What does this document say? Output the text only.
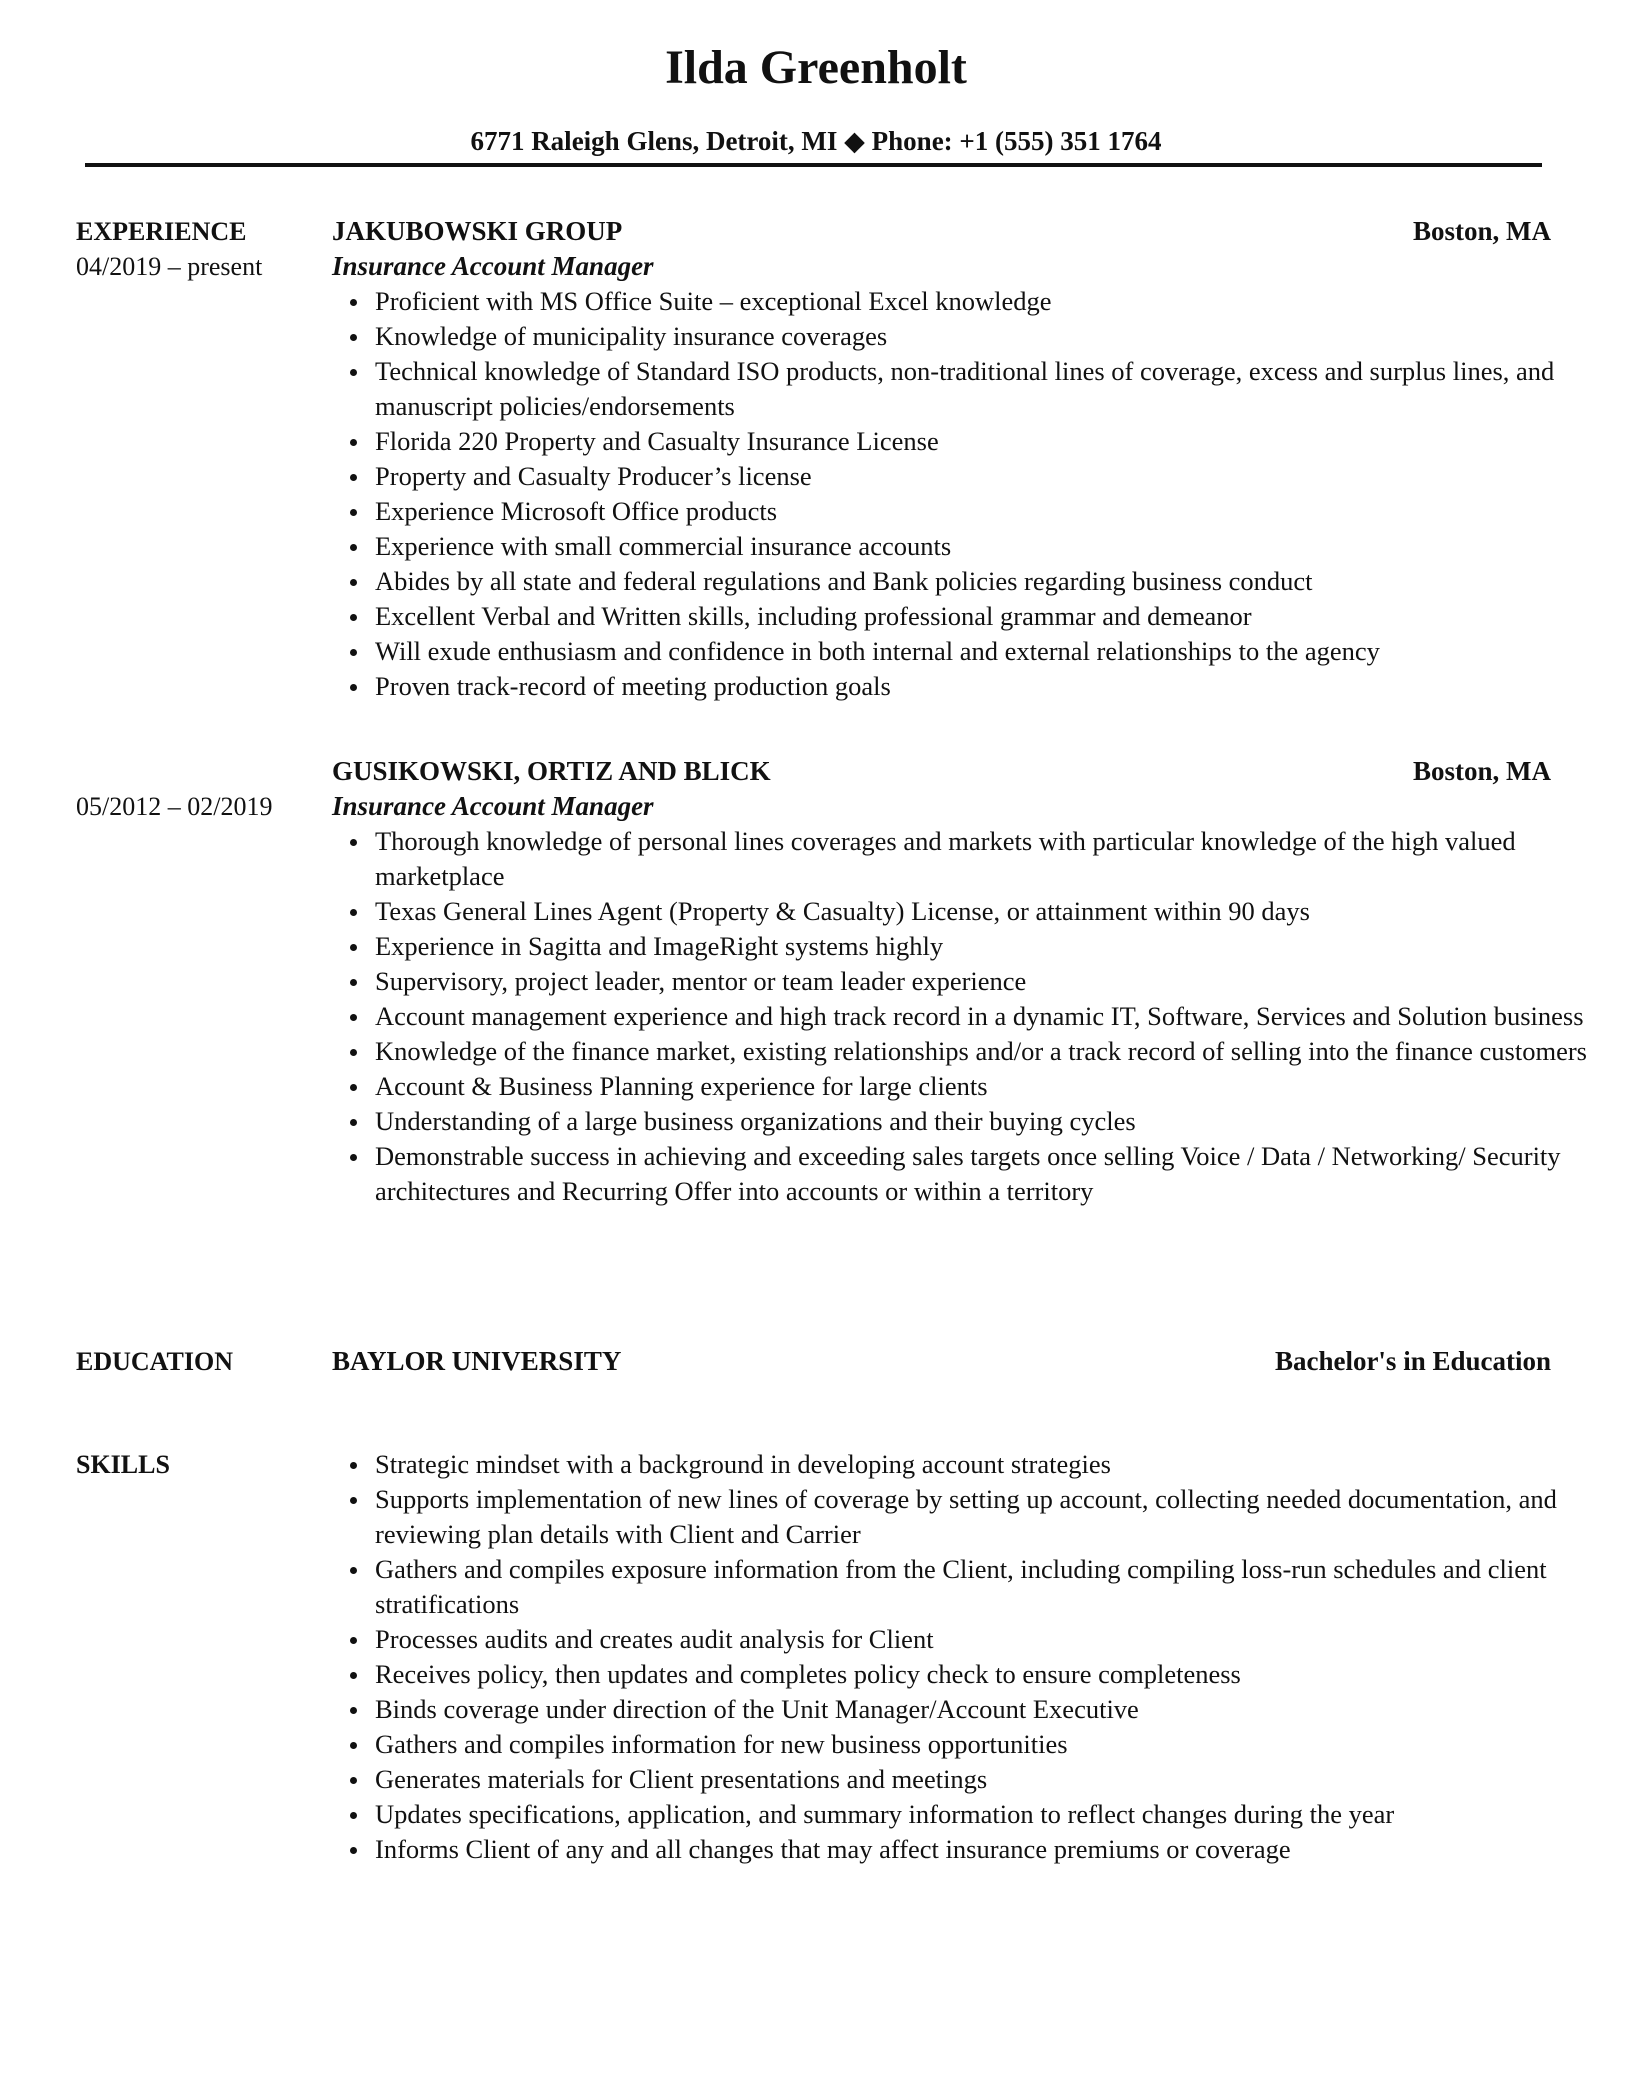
Ilda Greenholt
6771 Raleigh Glens, Detroit, MI ◆ Phone: +1 (555) 351 1764
EXPERIENCE	JAKUBOWSKI GROUP	Boston, MA
04/2019 – present	Insurance Account Manager
Proficient with MS Office Suite – exceptional Excel knowledge
Knowledge of municipality insurance coverages
Technical knowledge of Standard ISO products, non-traditional lines of coverage, excess and surplus lines, and manuscript policies/endorsements
Florida 220 Property and Casualty Insurance License
Property and Casualty Producer’s license
Experience Microsoft Office products
Experience with small commercial insurance accounts
Abides by all state and federal regulations and Bank policies regarding business conduct
Excellent Verbal and Written skills, including professional grammar and demeanor
Will exude enthusiasm and confidence in both internal and external relationships to the agency
Proven track-record of meeting production goals
GUSIKOWSKI, ORTIZ AND BLICK	Boston, MA
05/2012 – 02/2019 Insurance Account Manager
Thorough knowledge of personal lines coverages and markets with particular knowledge of the high valued marketplace
Texas General Lines Agent (Property & Casualty) License, or attainment within 90 days
Experience in Sagitta and ImageRight systems highly
Supervisory, project leader, mentor or team leader experience
Account management experience and high track record in a dynamic IT, Software, Services and Solution business
Knowledge of the finance market, existing relationships and/or a track record of selling into the finance customers
Account & Business Planning experience for large clients
Understanding of a large business organizations and their buying cycles
Demonstrable success in achieving and exceeding sales targets once selling Voice / Data / Networking/ Security architectures and Recurring Offer into accounts or within a territory
EDUCATION	BAYLOR UNIVERSITY	Bachelor's in Education
SKILLS	Strategic mindset with a background in developing account strategies
Supports implementation of new lines of coverage by setting up account, collecting needed documentation, and reviewing plan details with Client and Carrier
Gathers and compiles exposure information from the Client, including compiling loss-run schedules and client stratifications
Processes audits and creates audit analysis for Client
Receives policy, then updates and completes policy check to ensure completeness
Binds coverage under direction of the Unit Manager/Account Executive
Gathers and compiles information for new business opportunities
Generates materials for Client presentations and meetings
Updates specifications, application, and summary information to reflect changes during the year
Informs Client of any and all changes that may affect insurance premiums or coverage
